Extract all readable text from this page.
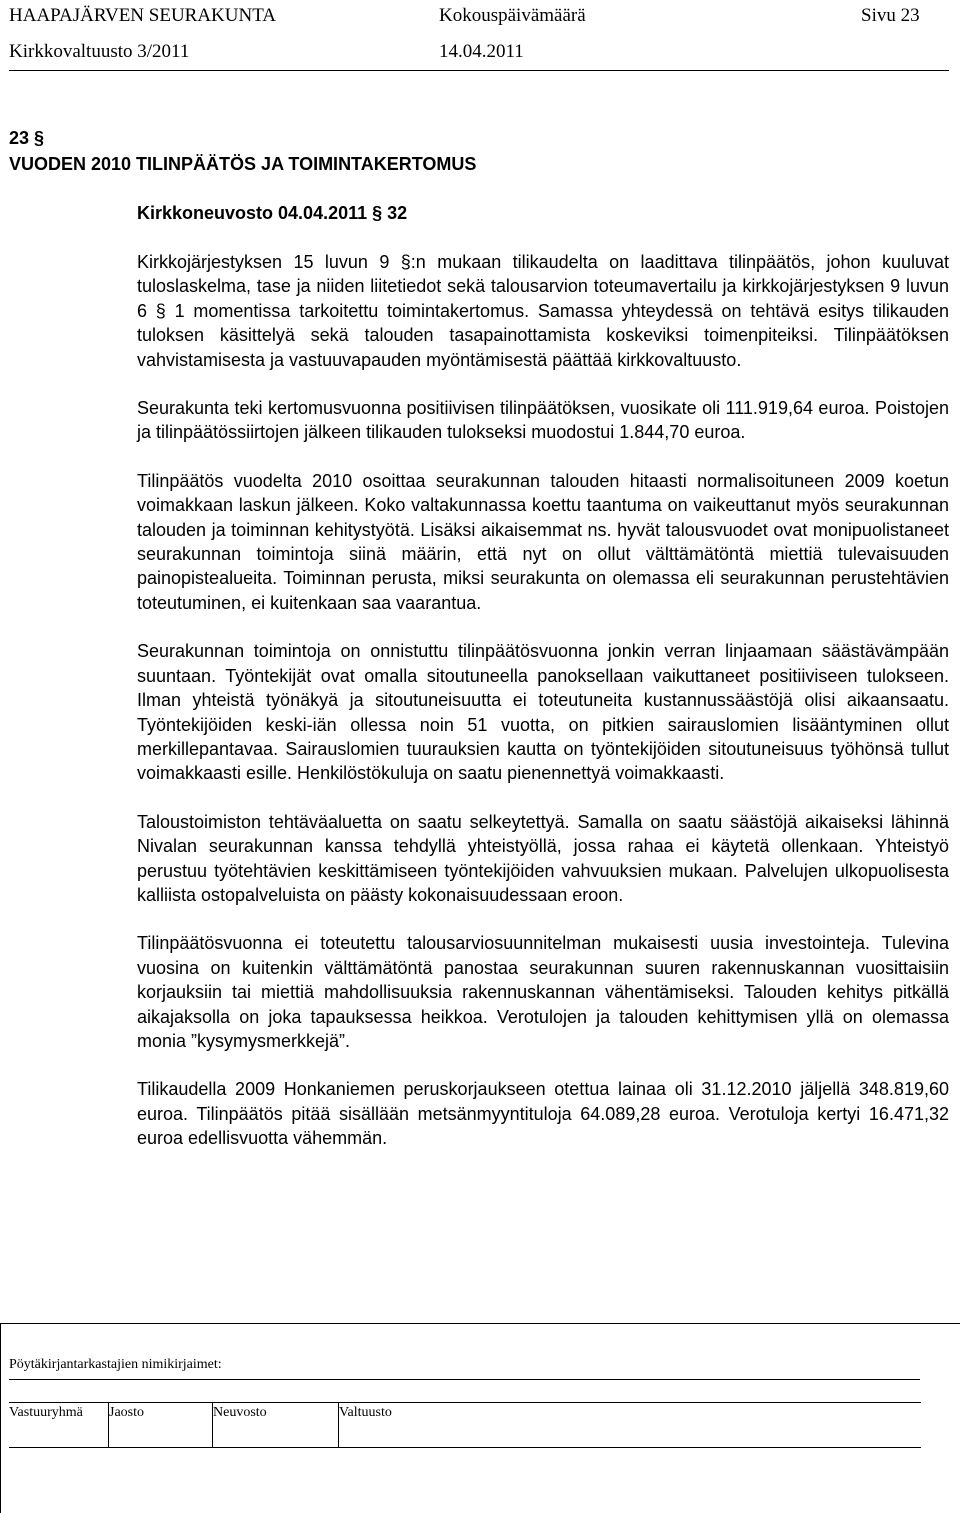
HAAPAJÄRVEN SEURAKUNTA	Kokouspäivämäärä	Sivu 23
Kirkkovaltuusto 3/2011	14.04.2011
23 §
VUODEN 2010 TILINPÄÄTÖS JA TOIMINTAKERTOMUS
Kirkkoneuvosto 04.04.2011 § 32

Kirkkojärjestyksen 15 luvun 9 §:n mukaan tilikaudelta on laadittava tilinpäätös, johon kuuluvat tuloslaskelma, tase ja niiden liitetiedot sekä talousarvion toteumavertailu ja kirkkojärjestyksen 9 luvun 6 § 1 momentissa tarkoitettu toimintakertomus. Samassa yhteydessä on tehtävä esitys tilikauden tuloksen käsittelyä sekä talouden tasapainottamista koskeviksi toimenpiteiksi. Tilinpäätöksen vahvistamisesta ja vastuuvapauden myöntämisestä päättää kirkkovaltuusto.

Seurakunta teki kertomusvuonna positiivisen tilinpäätöksen, vuosikate oli 111.919,64 euroa. Poistojen ja tilinpäätössiirtojen jälkeen tilikauden tulokseksi muodostui 1.844,70 euroa.

Tilinpäätös vuodelta 2010 osoittaa seurakunnan talouden hitaasti normalisoituneen 2009 koetun voimakkaan laskun jälkeen. Koko valtakunnassa koettu taantuma on vaikeuttanut myös seurakunnan talouden ja toiminnan kehitystyötä. Lisäksi aikaisemmat ns. hyvät talousvuodet ovat monipuolistaneet seurakunnan toimintoja siinä määrin, että nyt on ollut välttämätöntä miettiä tulevaisuuden painopistealueita. Toiminnan perusta, miksi seurakunta on olemassa eli seurakunnan perustehtävien toteutuminen, ei kuitenkaan saa vaarantua.

Seurakunnan toimintoja on onnistuttu tilinpäätösvuonna jonkin verran linjaamaan säästävämpään suuntaan. Työntekijät ovat omalla sitoutuneella panoksellaan vaikuttaneet positiiviseen tulokseen. Ilman yhteistä työnäkyä ja sitoutuneisuutta ei toteutuneita kustannussäästöjä olisi aikaansaatu. Työntekijöiden keski-iän ollessa noin 51 vuotta, on pitkien sairauslomien lisääntyminen ollut merkillepantavaa. Sairauslomien tuurauksien kautta on työntekijöiden sitoutuneisuus työhönsä tullut voimakkaasti esille. Henkilöstökuluja on saatu pienennettyä voimakkaasti.

Taloustoimiston tehtäväaluetta on saatu selkeytettyä. Samalla on saatu säästöjä aikaiseksi lähinnä Nivalan seurakunnan kanssa tehdyllä yhteistyöllä, jossa rahaa ei käytetä ollenkaan. Yhteistyö perustuu työtehtävien keskittämiseen työntekijöiden vahvuuksien mukaan. Palvelujen ulkopuolisesta kalliista ostopalveluista on päästy kokonaisuudessaan eroon.

Tilinpäätösvuonna ei toteutettu talousarviosuunnitelman mukaisesti uusia investointeja. Tulevina vuosina on kuitenkin välttämätöntä panostaa seurakunnan suuren rakennuskannan vuosittaisiin korjauksiin tai miettiä mahdollisuuksia rakennuskannan vähentämiseksi. Talouden kehitys pitkällä aikajaksolla on joka tapauksessa heikkoa. Verotulojen ja talouden kehittymisen yllä on olemassa monia ”kysymysmerkkejä”.

Tilikaudella 2009 Honkaniemen peruskorjaukseen otettua lainaa oli 31.12.2010 jäljellä 348.819,60 euroa. Tilinpäätös pitää sisällään metsänmyyntituloja 64.089,28 euroa. Verotuloja kertyi 16.471,32 euroa edellisvuotta vähemmän.

Pöytäkirjantarkastajien nimikirjaimet:
Vastuuryhmä	Jaosto	Neuvosto	Valtuusto
